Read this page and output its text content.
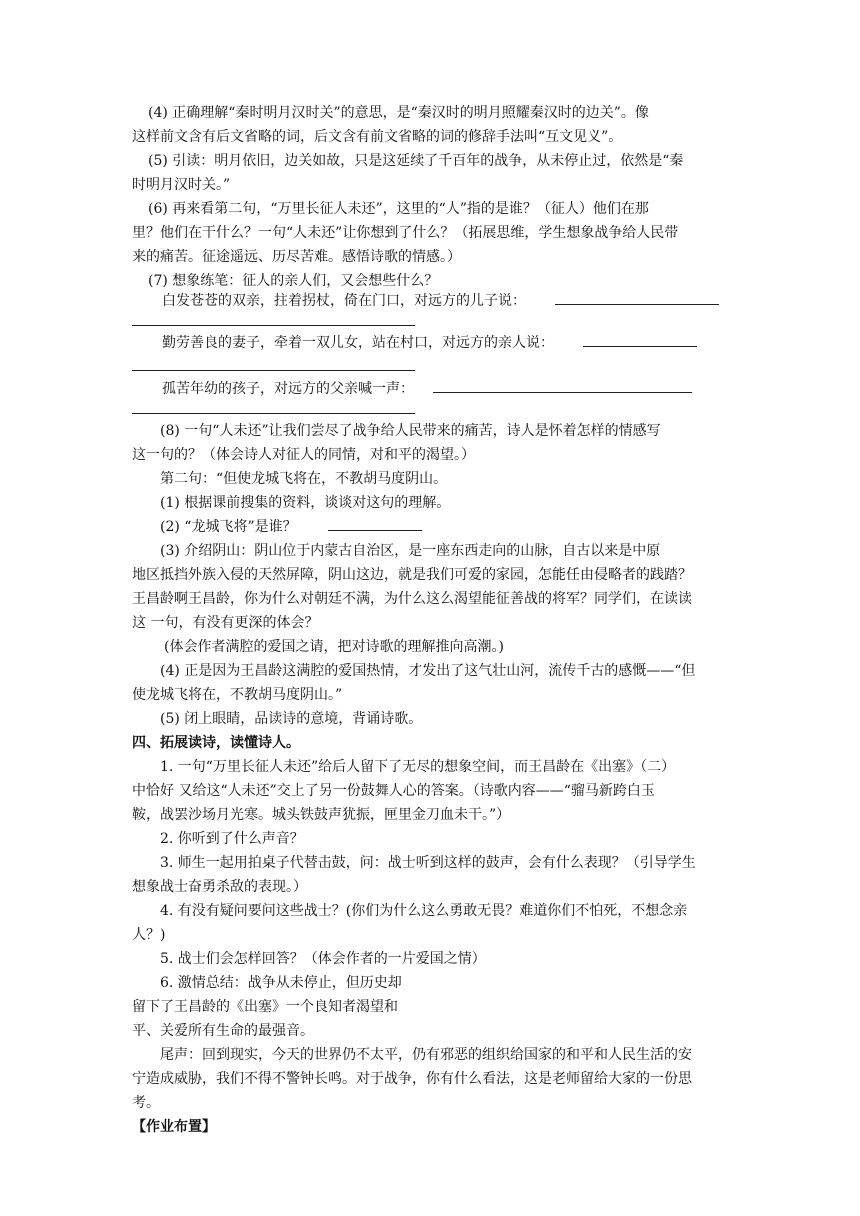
(4) 正确理解“秦时明月汉时关”的意思，是“秦汉时的明月照耀秦汉时的边关”。像
这样前文含有后文省略的词，后文含有前文省略的词的修辞手法叫“互文见义”。
(5) 引读：明月依旧，边关如故，只是这延续了千百年的战争，从未停止过，依然是“秦
时明月汉时关。”
(6) 再来看第二句，“万里长征人未还”，这里的“人”指的是谁？（征人）他们在那
里？他们在干什么？一句“人未还”让你想到了什么？（拓展思维，学生想象战争给人民带
来的痛苦。征途遥远、历尽苦难。感悟诗歌的情感。）
(7) 想象练笔：征人的亲人们，又会想些什么？
白发苍苍的双亲，拄着拐杖，倚在门口，对远方的儿子说：
勤劳善良的妻子，牵着一双儿女，站在村口，对远方的亲人说：
孤苦年幼的孩子，对远方的父亲喊一声：
(8) 一句“人未还”让我们尝尽了战争给人民带来的痛苦，诗人是怀着怎样的情感写
这一句的？（体会诗人对征人的同情，对和平的渴望。）
第二句：“但使龙城飞将在，不教胡马度阴山。
(1) 根据课前搜集的资料，谈谈对这句的理解。
(2) “龙城飞将”是谁？
(3) 介绍阴山：阴山位于内蒙古自治区，是一座东西走向的山脉，自古以来是中原
地区抵挡外族入侵的天然屏障，阴山这边，就是我们可爱的家园，怎能任由侵略者的践踏？
王昌龄啊王昌龄，你为什么对朝廷不满，为什么这么渴望能征善战的将军？同学们，在读读
这 一句，有没有更深的体会？
(体会作者满腔的爱国之请，把对诗歌的理解推向高潮。)
(4) 正是因为王昌龄这满腔的爱国热情，才发出了这气壮山河，流传千古的感慨——“但
使龙城飞将在，不教胡马度阴山。”
(5) 闭上眼睛，品读诗的意境，背诵诗歌。
四、拓展读诗，读懂诗人。
1. 一句“万里长征人未还”给后人留下了无尽的想象空间，而王昌龄在《出塞》（二）
中恰好 又给这“人未还”交上了另一份鼓舞人心的答案。（诗歌内容——“骝马新跨白玉
鞍，战罢沙场月光寒。城头铁鼓声犹振，匣里金刀血未干。”）
2. 你听到了什么声音？
3. 师生一起用拍桌子代替击鼓，问：战士听到这样的鼓声，会有什么表现？（引导学生
想象战士奋勇杀敌的表现。）
4. 有没有疑问要问这些战士？(你们为什么这么勇敢无畏？难道你们不怕死，不想念亲
人？)
5. 战士们会怎样回答？（体会作者的一片爱国之情）
6. 激情总结：战争从未停止，但历史却
留下了王昌龄的《出塞》一个良知者渴望和
平、关爱所有生命的最强音。
尾声：回到现实，今天的世界仍不太平，仍有邪恶的组织给国家的和平和人民生活的安
宁造成威胁，我们不得不警钟长鸣。对于战争，你有什么看法，这是老师留给大家的一份思
考。
【作业布置】
